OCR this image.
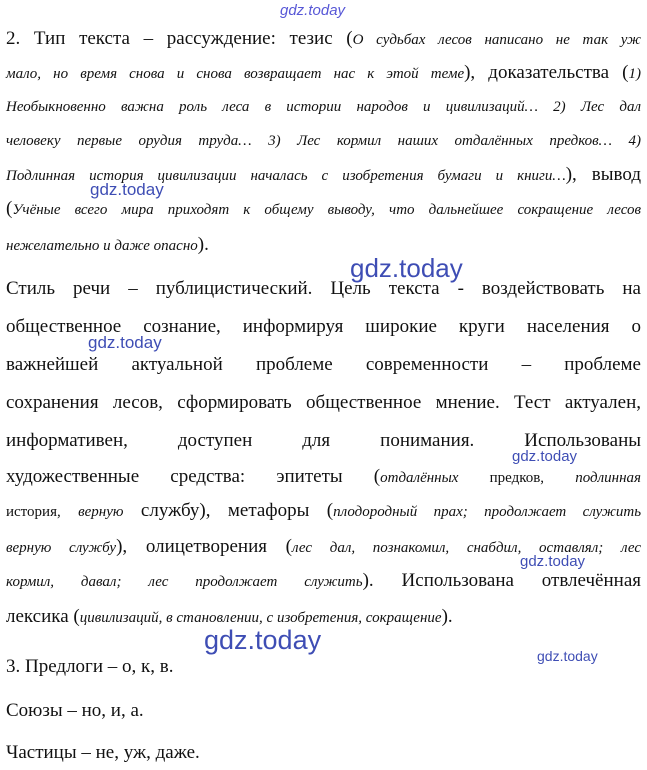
2. Тип текста – рассуждение: тезис (О судьбах лесов написано не так уж
мало, но время снова и снова возвращает нас к этой теме), доказательства (1)
Необыкновенно важна роль леса в истории народов и цивилизаций… 2) Лес дал
человеку первые орудия труда… 3) Лес кормил наших отдалённых предков… 4)
Подлинная история цивилизации началась с изобретения бумаги и книги…), вывод
(Учёные всего мира приходят к общему выводу, что дальнейшее сокращение лесов
нежелательно и даже опасно).
Стиль речи – публицистический. Цель текста - воздействовать на
общественное сознание, информируя широкие круги населения о
важнейшей актуальной проблеме современности – проблеме
сохранения лесов, сформировать общественное мнение. Тест актуален,
информативен, доступен для понимания. Использованы
художественные средства: эпитеты (отдалённых предков, подлинная
история, верную службу), метафоры (плодородный прах; продолжает служить
верную службу), олицетворения (лес дал, познакомил, снабдил, оставлял; лес
кормил, давал; лес продолжает служить). Использована отвлечённая
лексика (цивилизаций, в становлении, с изобретения, сокращение).
3. Предлоги – о, к, в.
Союзы – но, и, а.
Частицы – не, уж, даже.
gdz.today
gdz.today
gdz.today
gdz.today
gdz.today
gdz.today
gdz.today
gdz.today
